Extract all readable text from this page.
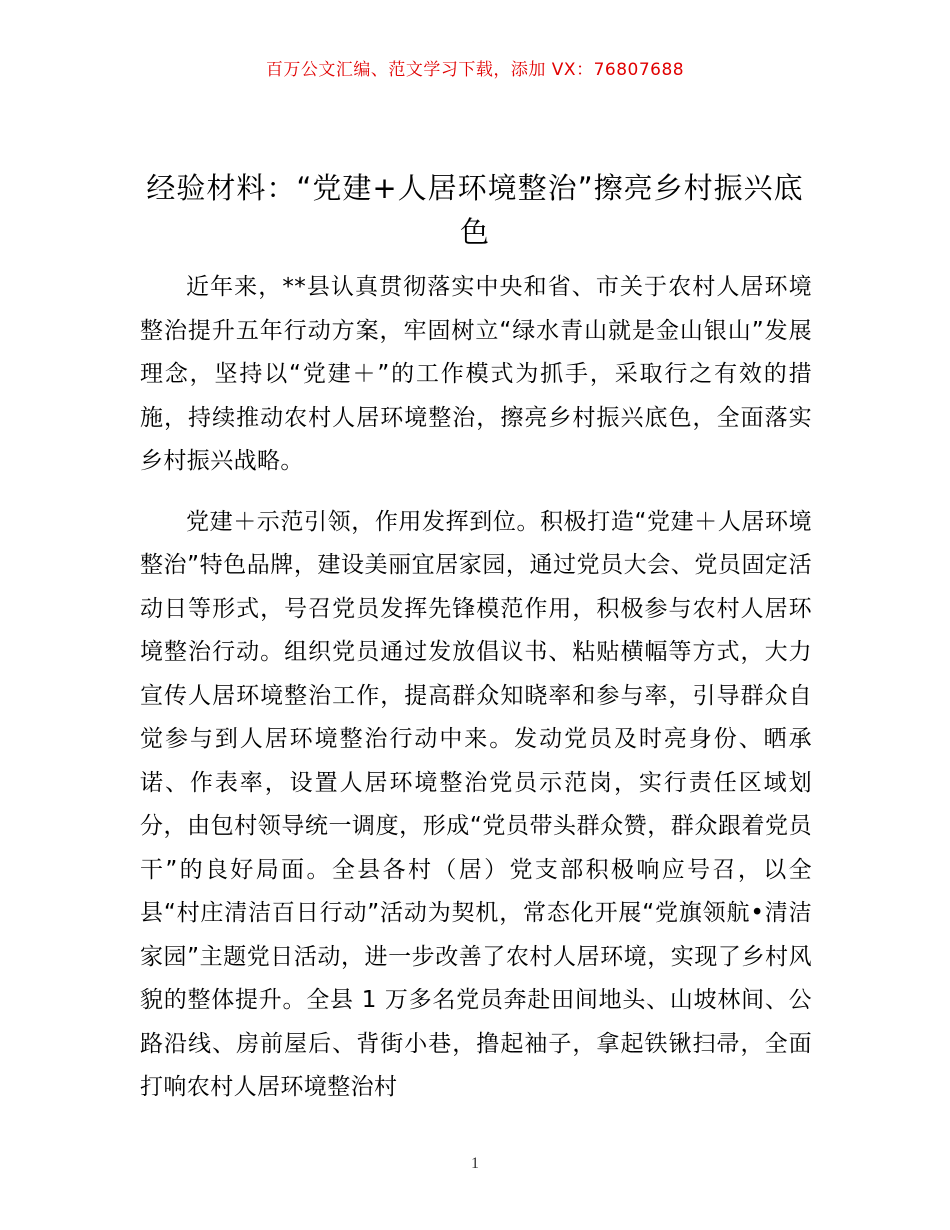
百万公文汇编、范文学习下载，添加 VX：76807688
经验材料：“党建+人居环境整治”擦亮乡村振兴底色

近年来，**县认真贯彻落实中央和省、市关于农村人居环境整治提升五年行动方案，牢固树立“绿水青山就是金山银山”发展理念，坚持以“党建＋”的工作模式为抓手，采取行之有效的措施，持续推动农村人居环境整治，擦亮乡村振兴底色，全面落实乡村振兴战略。

党建＋示范引领，作用发挥到位。积极打造“党建＋人居环境整治”特色品牌，建设美丽宜居家园，通过党员大会、党员固定活动日等形式，号召党员发挥先锋模范作用，积极参与农村人居环境整治行动。组织党员通过发放倡议书、粘贴横幅等方式，大力宣传人居环境整治工作，提高群众知晓率和参与率，引导群众自觉参与到人居环境整治行动中来。发动党员及时亮身份、晒承诺、作表率，设置人居环境整治党员示范岗，实行责任区域划分，由包村领导统一调度，形成“党员带头群众赞，群众跟着党员干”的良好局面。全县各村（居）党支部积极响应号召，以全县“村庄清洁百日行动”活动为契机，常态化开展“党旗领航•清洁家园”主题党日活动，进一步改善了农村人居环境，实现了乡村风貌的整体提升。全县 1 万多名党员奔赴田间地头、山坡林间、公路沿线、房前屋后、背街小巷，撸起袖子，拿起铁锹扫帚，全面打响农村人居环境整治村

1
